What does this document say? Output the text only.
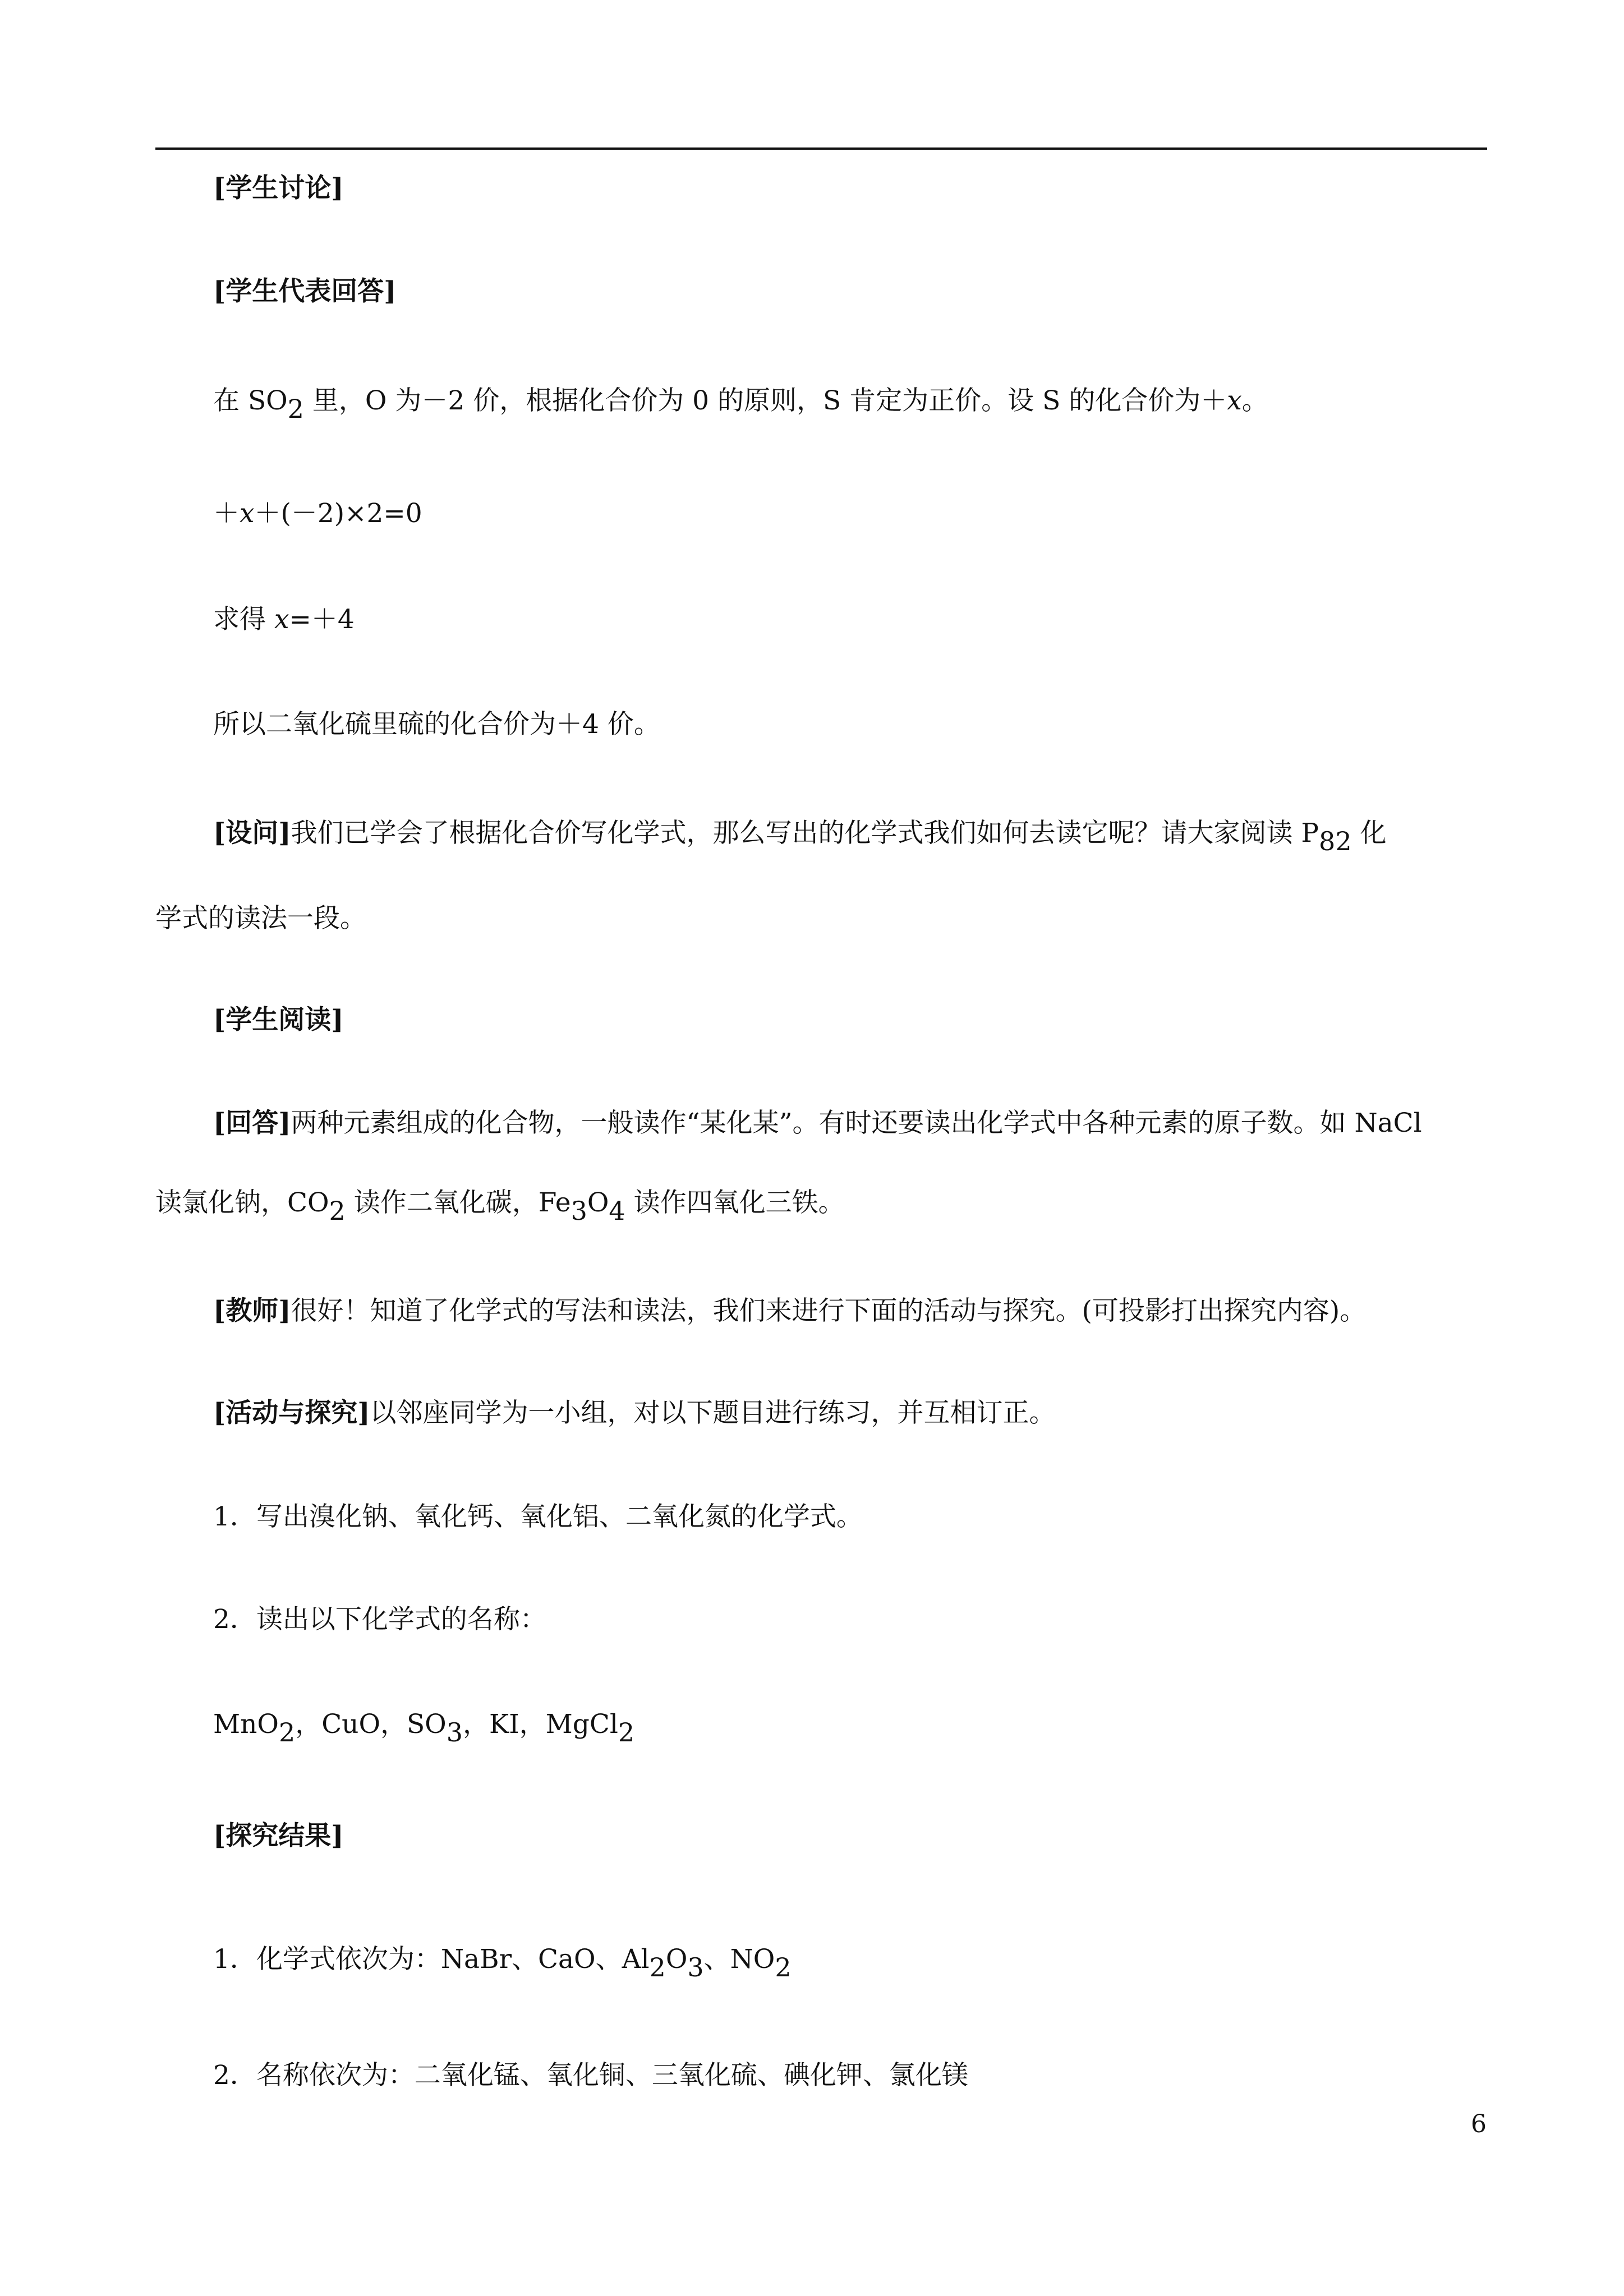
[学生讨论]
[学生代表回答]
在 $SO_2$ 里，O 为－2 价，根据化合价为 0 的原则，S 肯定为正价。设 S 的化合价为＋x。
＋x＋(－2)×2=0
求得 x=＋4
所以二氧化硫里硫的化合价为＋4 价。
[设问]我们已学会了根据化合价写化学式，那么写出的化学式我们如何去读它呢？请大家阅读 $P_{82}$ 化
学式的读法一段。
[学生阅读]
[回答]两种元素组成的化合物，一般读作“某化某”。有时还要读出化学式中各种元素的原子数。如 NaCl
读氯化钠，$CO_2$ 读作二氧化碳，$Fe_3O_4$ 读作四氧化三铁。
[教师]很好！知道了化学式的写法和读法，我们来进行下面的活动与探究。(可投影打出探究内容)。
[活动与探究]以邻座同学为一小组，对以下题目进行练习，并互相订正。
1．写出溴化钠、氧化钙、氧化铝、二氧化氮的化学式。
2．读出以下化学式的名称：
MnO$_2$，CuO，$SO_3$，KI，MgCl$_2$
[探究结果]
1．化学式依次为：NaBr、CaO、$Al_2O_3$、$NO_2$
2．名称依次为：二氧化锰、氧化铜、三氧化硫、碘化钾、氯化镁
6
